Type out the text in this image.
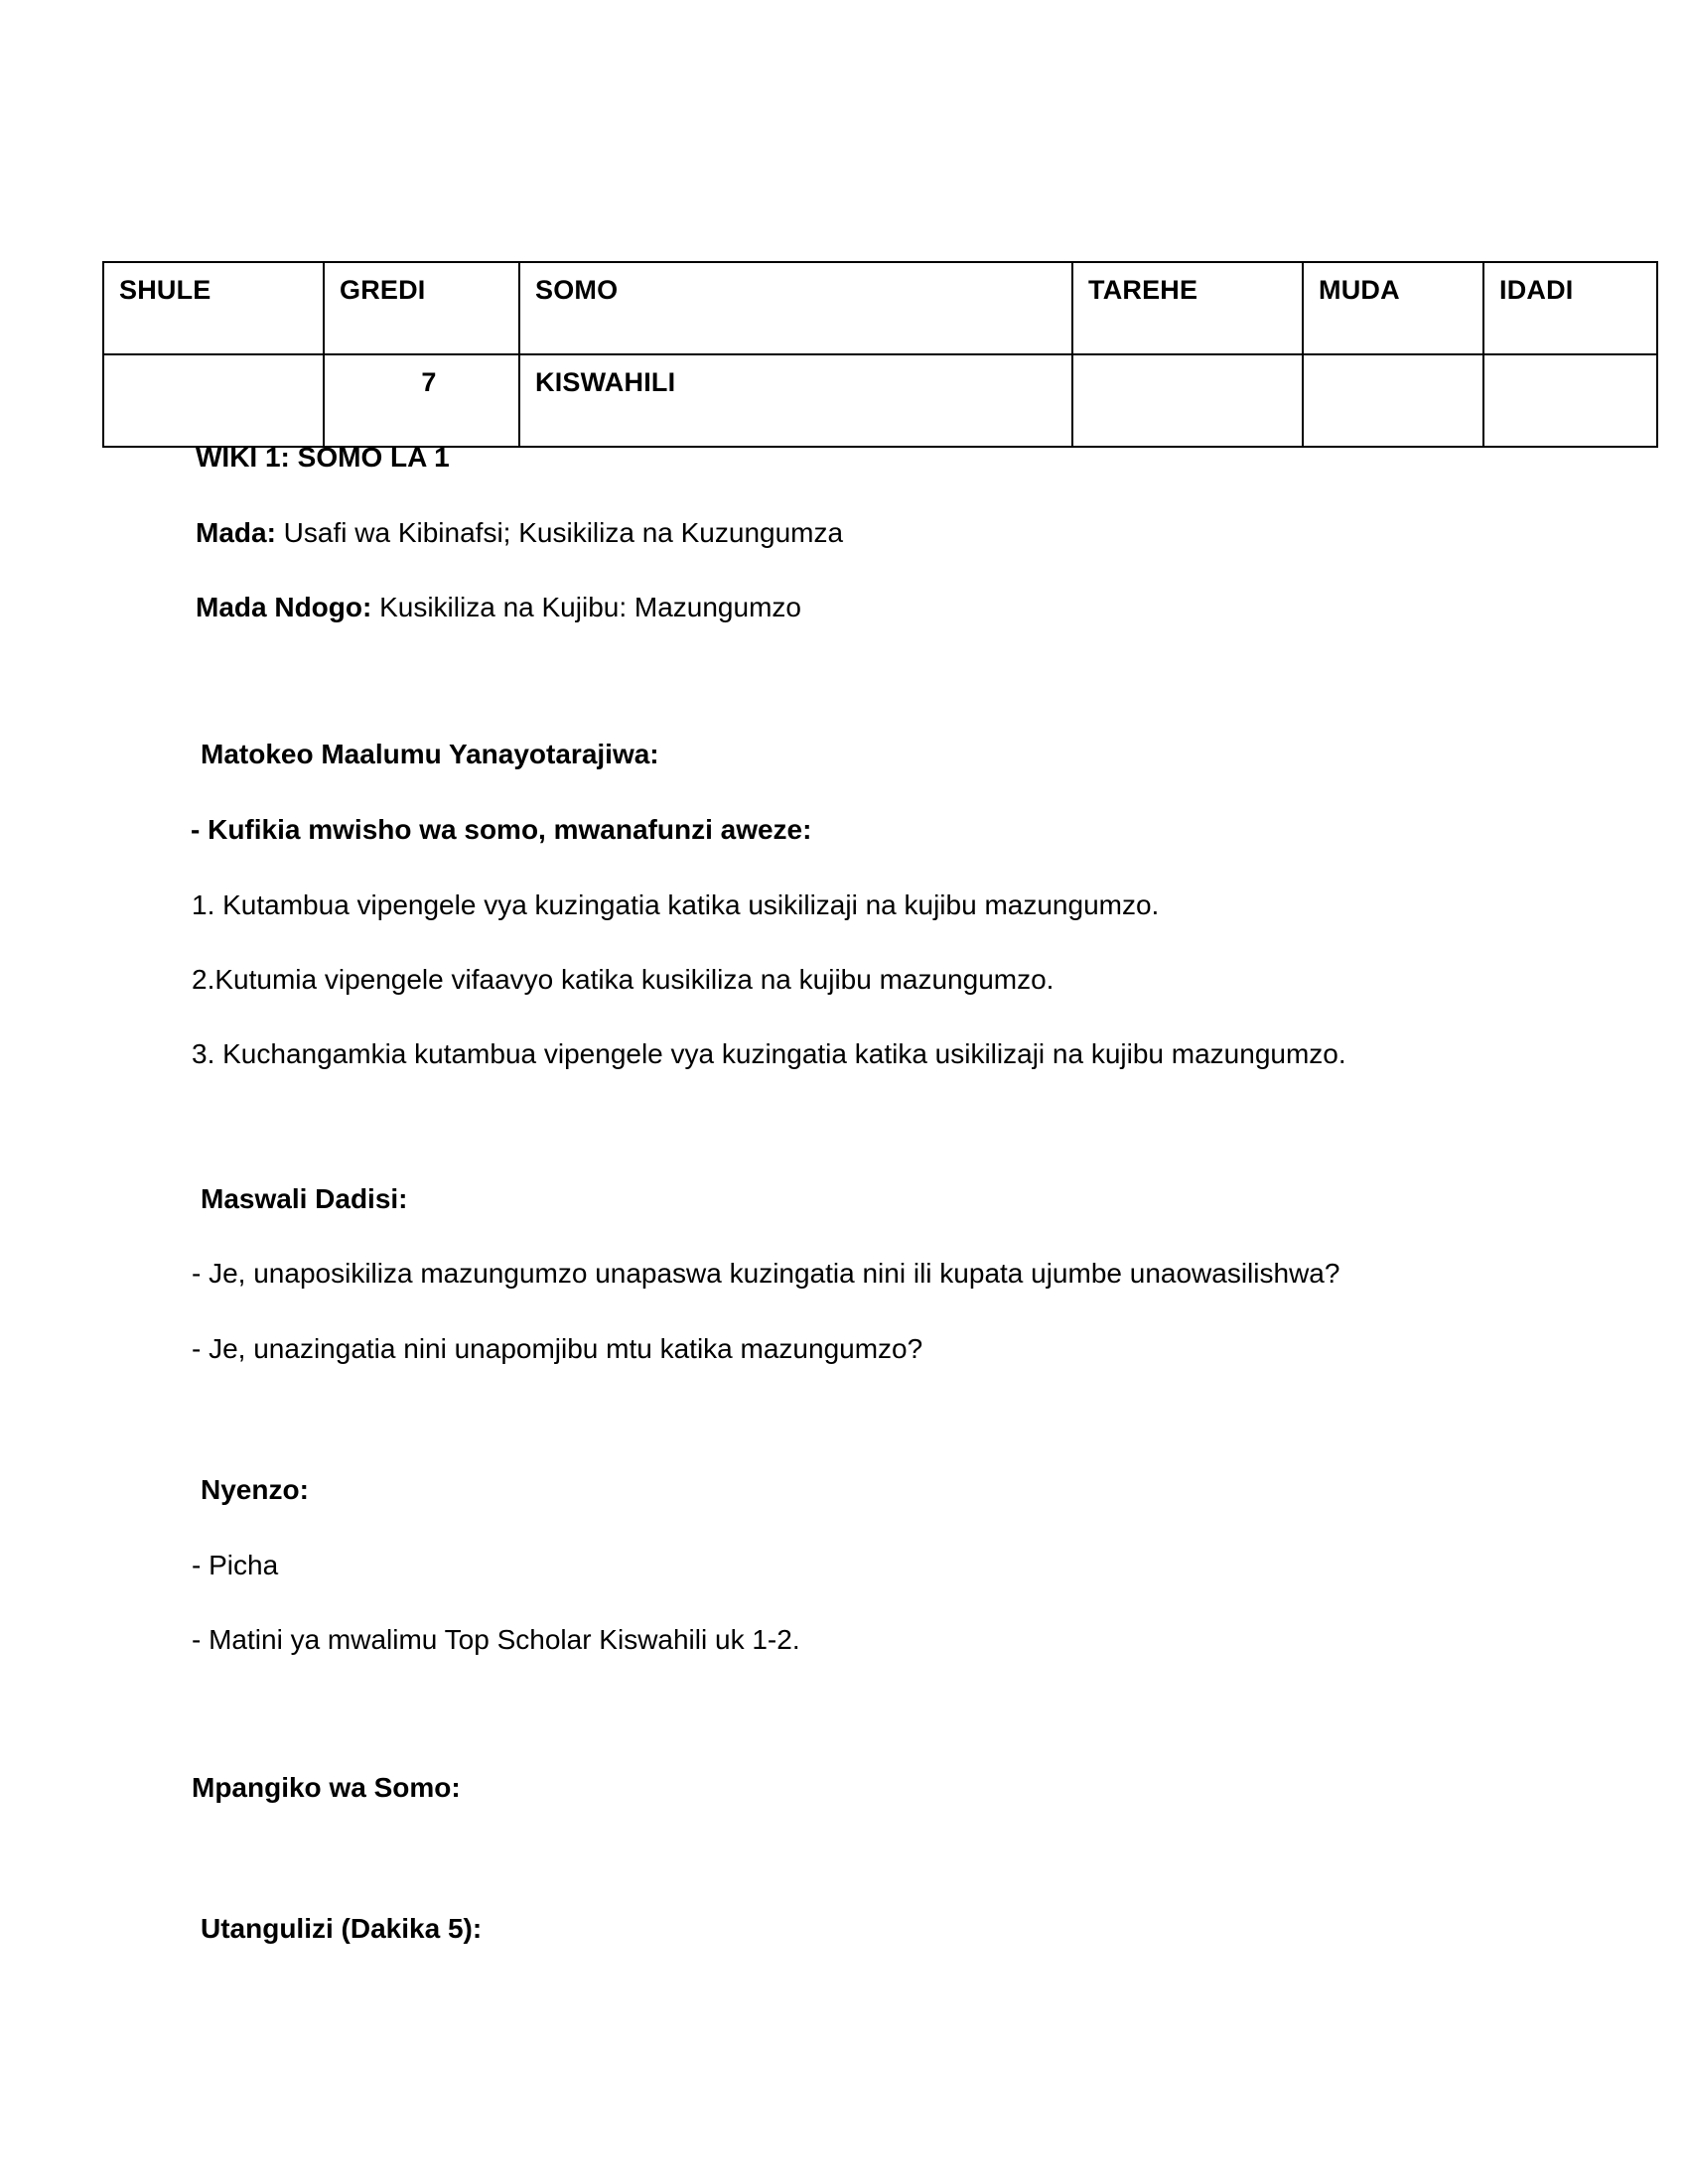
SHULE	GREDI	SOMO	TAREHE	MUDA	IDADI
	7	KISWAHILI			
WIKI 1: SOMO LA 1
Mada: Usafi wa Kibinafsi; Kusikiliza na Kuzungumza
Mada Ndogo: Kusikiliza na Kujibu: Mazungumzo
Matokeo Maalumu Yanayotarajiwa:
- Kufikia mwisho wa somo, mwanafunzi aweze:
1. Kutambua vipengele vya kuzingatia katika usikilizaji na kujibu mazungumzo.
2.Kutumia vipengele vifaavyo katika kusikiliza na kujibu mazungumzo.
3. Kuchangamkia kutambua vipengele vya kuzingatia katika usikilizaji na kujibu mazungumzo.
Maswali Dadisi:
- Je, unaposikiliza mazungumzo unapaswa kuzingatia nini ili kupata ujumbe unaowasilishwa?
- Je, unazingatia nini unapomjibu mtu katika mazungumzo?
Nyenzo:
- Picha
- Matini ya mwalimu Top Scholar Kiswahili uk 1-2.
Mpangiko wa Somo:
Utangulizi (Dakika 5):
